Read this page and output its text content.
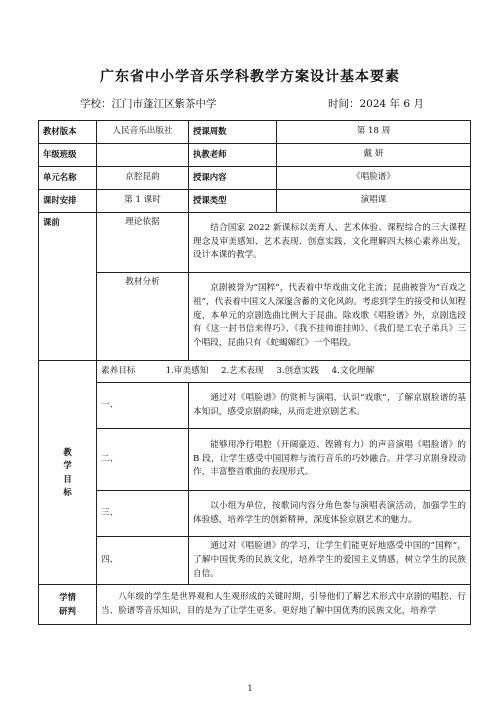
广东省中小学音乐学科教学方案设计基本要素
学校：江门市蓬江区紫茶中学	时间：2024 年 6 月
教材版本	人民音乐出版社	授课周数	第 18 周
年级班级		执教老师	戴 妍
单元名称	京腔昆韵	授课内容	《唱脸谱》
课时安排	第 1 课时	授课类型	演唱课
课前	理论依据	结合国家 2022 新课标以美育人、艺术体验、课程综合的三大课程理念及审美感知、艺术表现、创意实践、文化理解四大核心素养出发，设计本课的教学。	
	教材分析	京剧被誉为“国粹”，代表着中华戏曲文化主流；昆曲被誉为“百戏之祖”，代表着中国文人深邃含蓄的文化风韵。考虑到学生的接受和认知程度，本单元的京剧选曲比例大于昆曲。除戏歌《唱脸谱》外，京剧选段有《这一封书信来得巧》、《我不挂帅谁挂帅》、《我们是工农子弟兵》三个唱段，昆曲只有《蛇蝎媚红》一个唱段。	
教
学
目
标	素养目标 1.审美感知 2.艺术表现 3.创意实践 4.文化理解		
	一、	通过对《唱脸谱》的赏析与演唱，认识“戏歌”，了解京剧脸谱的基本知识，感受京剧韵味，从而走进京剧艺术。	
	二、	能够用净行唱腔（开阔豪迈、铿锵有力）的声音演唱《唱脸谱》的 B 段，让学生感受中国国粹与流行音乐的巧妙融合。并学习京剧身段动作，丰富整首歌曲的表现形式。	
	三、	以小组为单位，按歌词内容分角色参与演唱表演活动，加强学生的体验感，培养学生的创新精神，深度体验京剧艺术的魅力。	
	四、	通过对《唱脸谱》的学习，让学生们能更好地感受中国的“国粹”，了解中国优秀的民族文化，培养学生的爱国主义情感，树立学生的民族自信。	
学情
研判	八年级的学生是世界观和人生观形成的关键时期，引导他们了解艺术形式中京剧的唱腔、行当、脸谱等音乐知识，目的是为了让学生更多、更好地了解中国优秀的民族文化，培养学		
1
